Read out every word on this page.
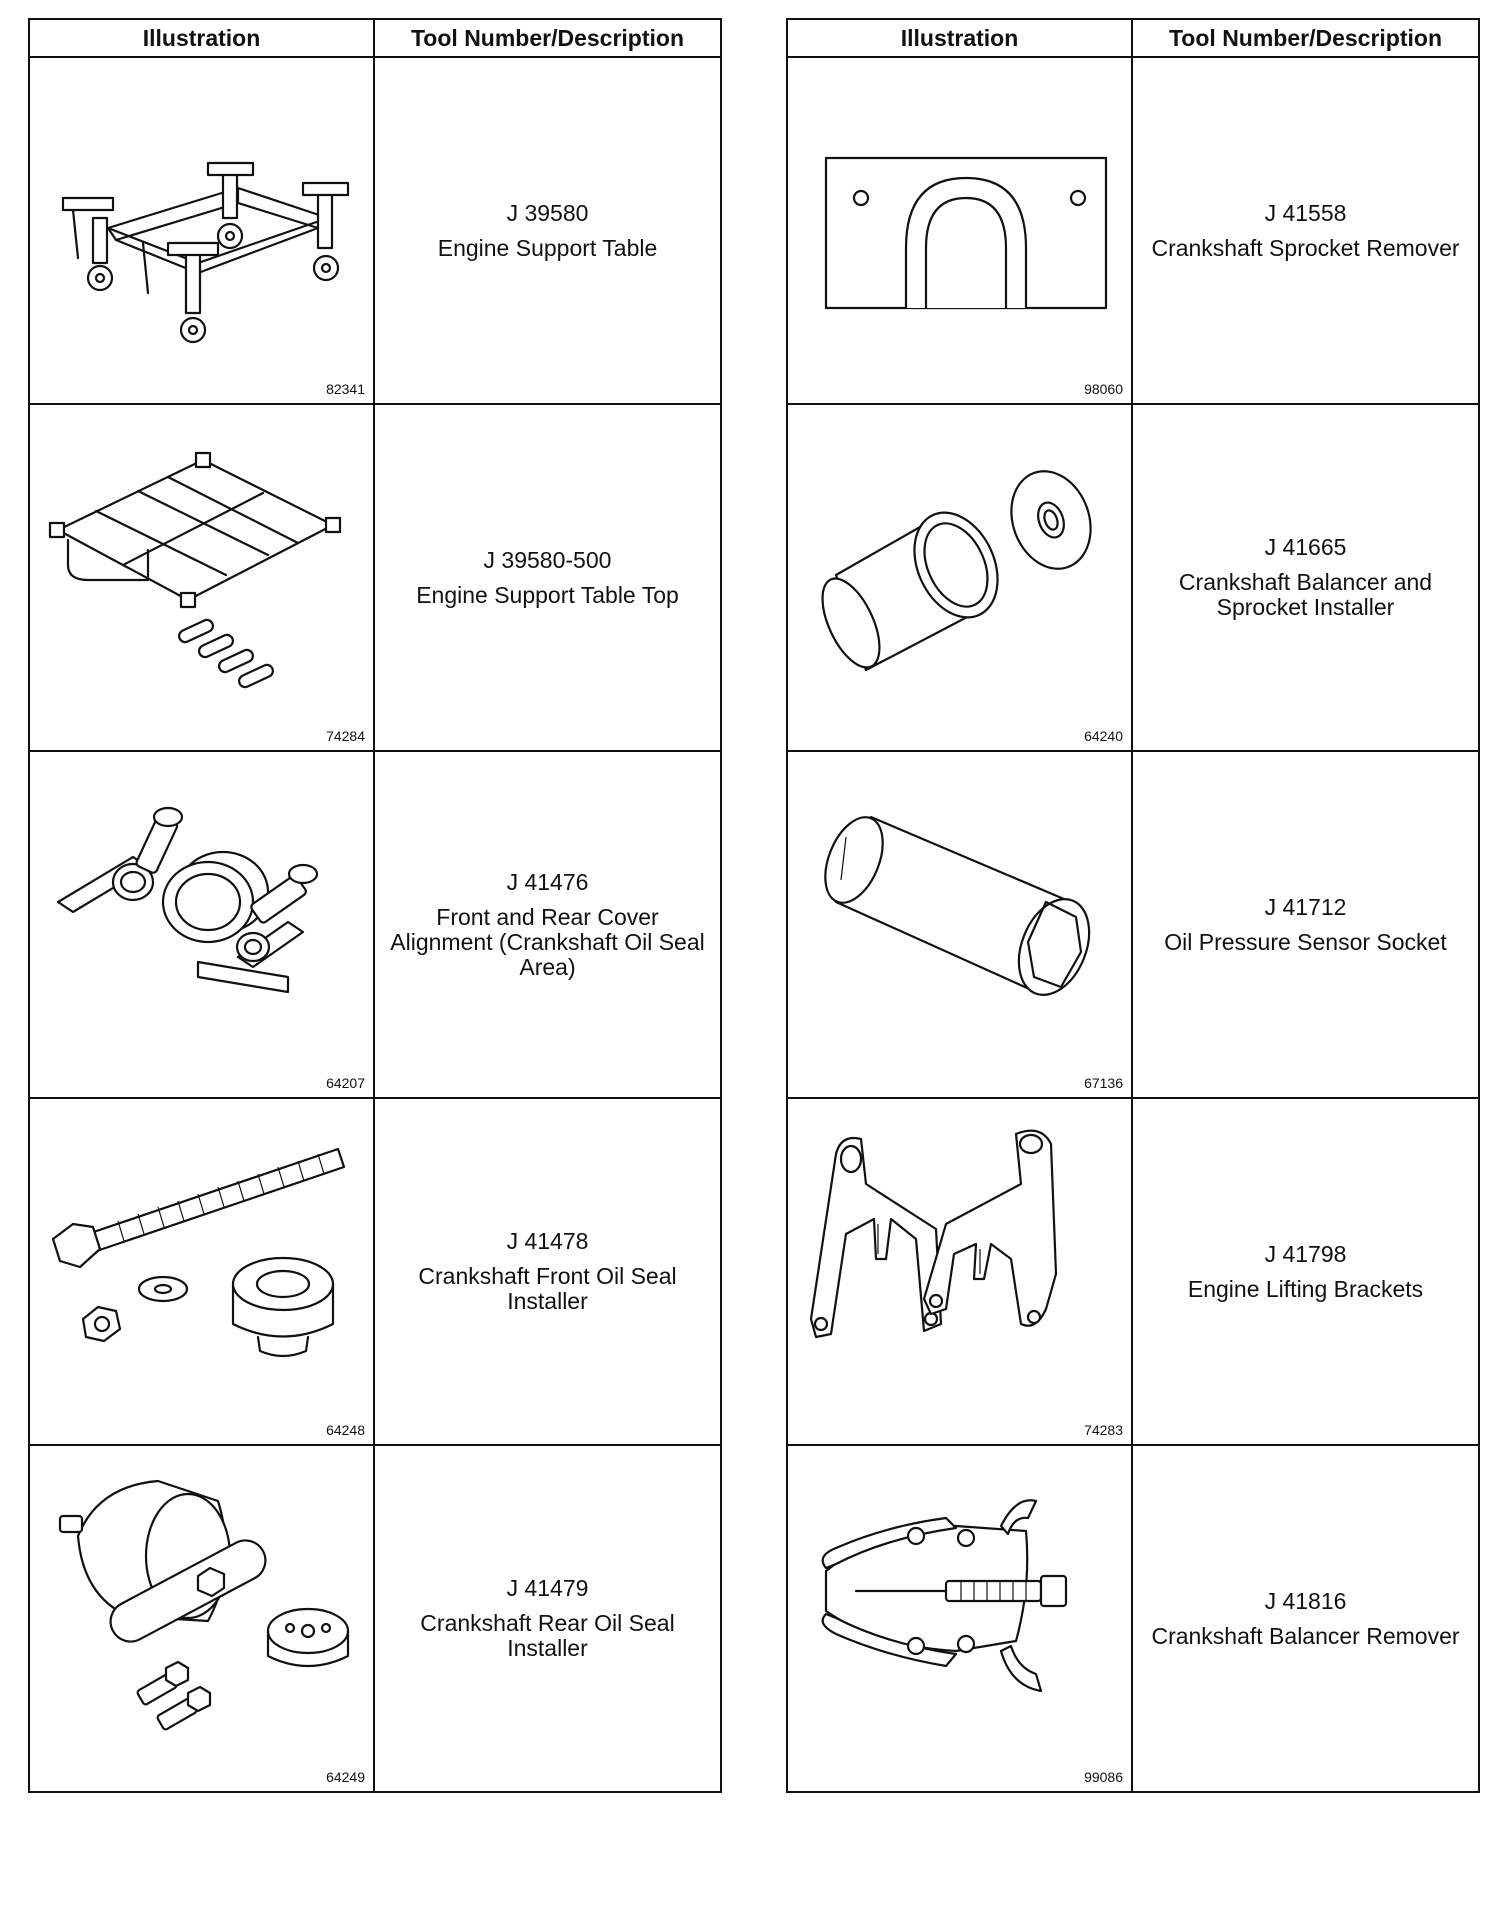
Illustration	Tool Number/Description

82341	J 39580
Engine Support Table

74284	J 39580-500
Engine Support Table Top

64207	J 41476
Front and Rear Cover Alignment (Crankshaft Oil Seal Area)

64248	J 41478
Crankshaft Front Oil Seal Installer

64249	J 41479
Crankshaft Rear Oil Seal Installer
Illustration	Tool Number/Description

98060	J 41558
Crankshaft Sprocket Remover

64240	J 41665
Crankshaft Balancer and Sprocket Installer

67136	J 41712
Oil Pressure Sensor Socket

74283	J 41798
Engine Lifting Brackets

99086	J 41816
Crankshaft Balancer Remover
